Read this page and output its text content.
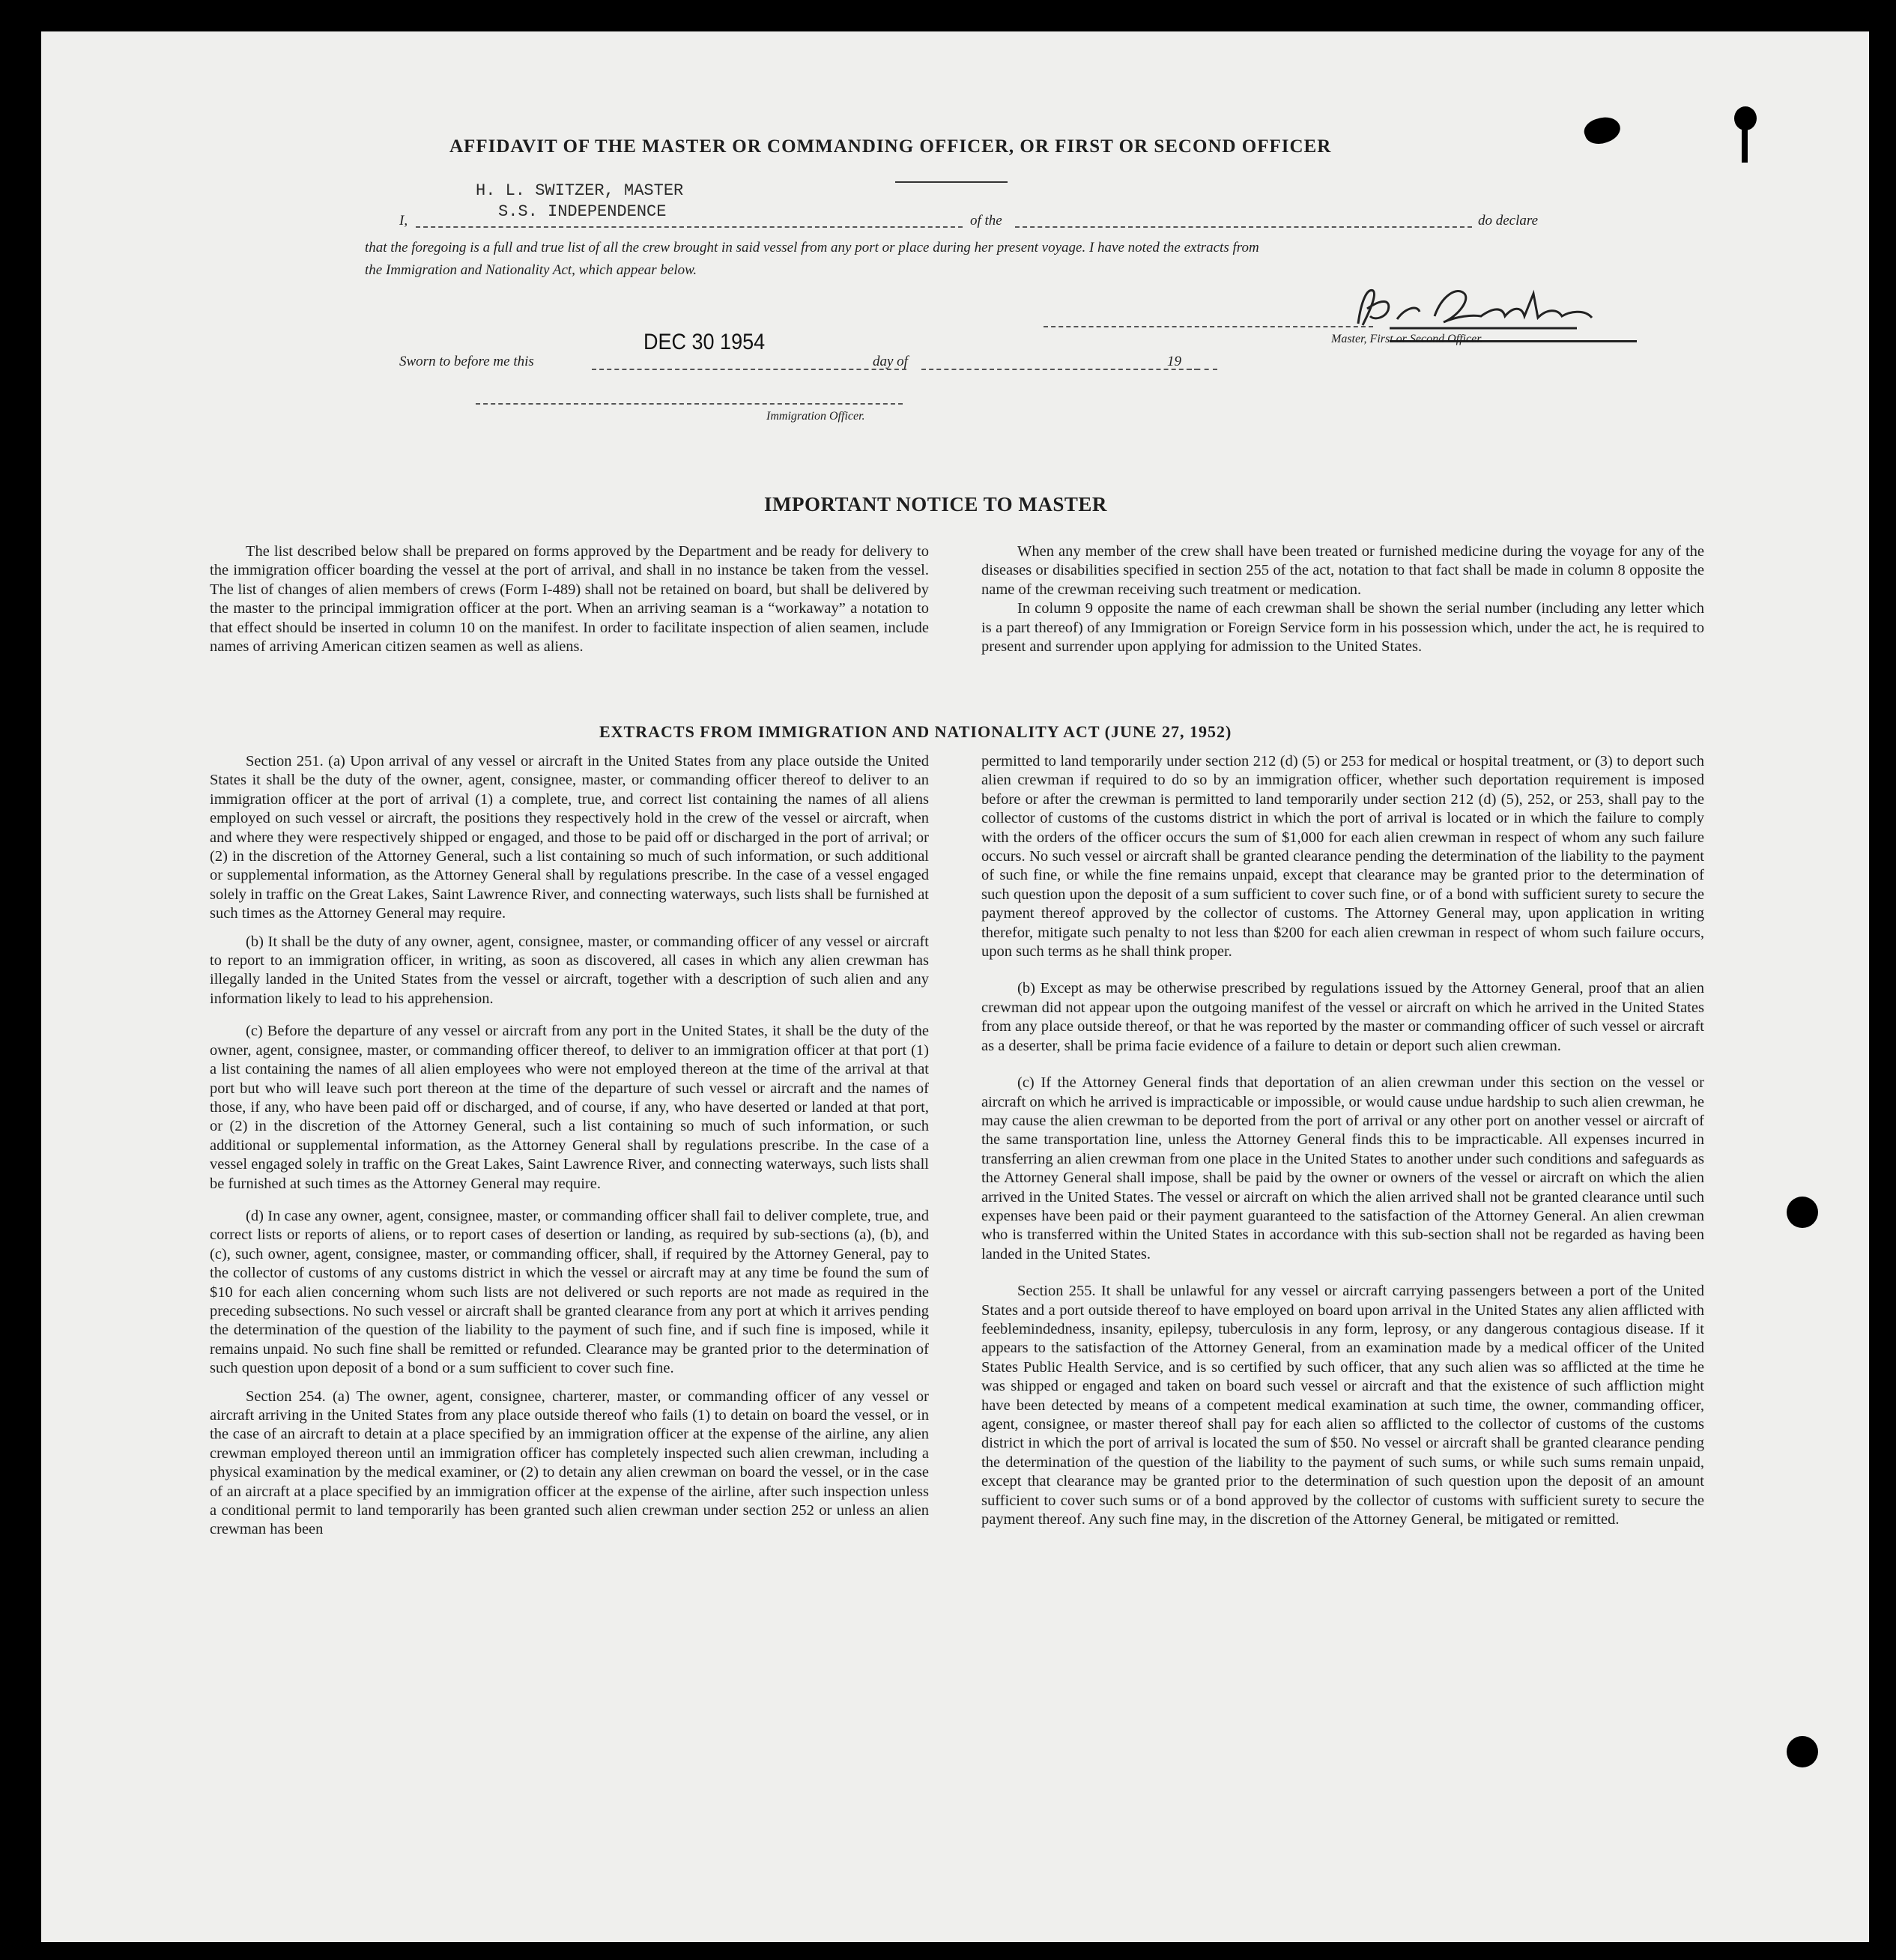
AFFIDAVIT OF THE MASTER OR COMMANDING OFFICER, OR FIRST OR SECOND OFFICER
H. L. SWITZER, MASTER
I,	S.S. INDEPENDENCE	of the	do declare
that the foregoing is a full and true list of all the crew brought in said vessel from any port or place during her present voyage. I have noted the extracts from
the Immigration and Nationality Act, which appear below.
Master, First or Second Officer.
DEC 30 1954
Sworn to before me this	day of	19
Immigration Officer.
IMPORTANT NOTICE TO MASTER

The list described below shall be prepared on forms approved by the Department and be ready for delivery to the immigration officer boarding the vessel at the port of arrival, and shall in no instance be taken from the vessel. The list of changes of alien members of crews (Form I-489) shall not be retained on board, but shall be delivered by the master to the principal immigration officer at the port. When an arriving seaman is a “workaway” a notation to that effect should be inserted in column 10 on the manifest. In order to facilitate inspection of alien seamen, include names of arriving American citizen seamen as well as aliens.

When any member of the crew shall have been treated or furnished medicine during the voyage for any of the diseases or disabilities specified in section 255 of the act, notation to that fact shall be made in column 8 opposite the name of the crewman receiving such treatment or medication.

In column 9 opposite the name of each crewman shall be shown the serial number (including any letter which is a part thereof) of any Immigration or Foreign Service form in his possession which, under the act, he is required to present and surrender upon applying for admission to the United States.

EXTRACTS FROM IMMIGRATION AND NATIONALITY ACT (JUNE 27, 1952)

Section 251. (a) Upon arrival of any vessel or aircraft in the United States from any place outside the United States it shall be the duty of the owner, agent, consignee, master, or commanding officer thereof to deliver to an immigration officer at the port of arrival (1) a complete, true, and correct list containing the names of all aliens employed on such vessel or aircraft, the positions they respectively hold in the crew of the vessel or aircraft, when and where they were respectively shipped or engaged, and those to be paid off or discharged in the port of arrival; or (2) in the discretion of the Attorney General, such a list containing so much of such information, or such additional or supplemental information, as the Attorney General shall by regulations prescribe. In the case of a vessel engaged solely in traffic on the Great Lakes, Saint Lawrence River, and connecting waterways, such lists shall be furnished at such times as the Attorney General may require.

(b) It shall be the duty of any owner, agent, consignee, master, or commanding officer of any vessel or aircraft to report to an immigration officer, in writing, as soon as discovered, all cases in which any alien crewman has illegally landed in the United States from the vessel or aircraft, together with a description of such alien and any information likely to lead to his apprehension.

(c) Before the departure of any vessel or aircraft from any port in the United States, it shall be the duty of the owner, agent, consignee, master, or commanding officer thereof, to deliver to an immigration officer at that port (1) a list containing the names of all alien employees who were not employed thereon at the time of the arrival at that port but who will leave such port thereon at the time of the departure of such vessel or aircraft and the names of those, if any, who have been paid off or discharged, and of course, if any, who have deserted or landed at that port, or (2) in the discretion of the Attorney General, such a list containing so much of such information, or such additional or supplemental information, as the Attorney General shall by regulations prescribe. In the case of a vessel engaged solely in traffic on the Great Lakes, Saint Lawrence River, and connecting waterways, such lists shall be furnished at such times as the Attorney General may require.

(d) In case any owner, agent, consignee, master, or commanding officer shall fail to deliver complete, true, and correct lists or reports of aliens, or to report cases of desertion or landing, as required by sub-sections (a), (b), and (c), such owner, agent, consignee, master, or commanding officer, shall, if required by the Attorney General, pay to the collector of customs of any customs district in which the vessel or aircraft may at any time be found the sum of $10 for each alien concerning whom such lists are not delivered or such reports are not made as required in the preceding subsections. No such vessel or aircraft shall be granted clearance from any port at which it arrives pending the determination of the question of the liability to the payment of such fine, and if such fine is imposed, while it remains unpaid. No such fine shall be remitted or refunded. Clearance may be granted prior to the determination of such question upon deposit of a bond or a sum sufficient to cover such fine.

Section 254. (a) The owner, agent, consignee, charterer, master, or commanding officer of any vessel or aircraft arriving in the United States from any place outside thereof who fails (1) to detain on board the vessel, or in the case of an aircraft to detain at a place specified by an immigration officer at the expense of the airline, any alien crewman employed thereon until an immigration officer has completely inspected such alien crewman, including a physical examination by the medical examiner, or (2) to detain any alien crewman on board the vessel, or in the case of an aircraft at a place specified by an immigration officer at the expense of the airline, after such inspection unless a conditional permit to land temporarily has been granted such alien crewman under section 252 or unless an alien crewman has been

permitted to land temporarily under section 212 (d) (5) or 253 for medical or hospital treatment, or (3) to deport such alien crewman if required to do so by an immigration officer, whether such deportation requirement is imposed before or after the crewman is permitted to land temporarily under section 212 (d) (5), 252, or 253, shall pay to the collector of customs of the customs district in which the port of arrival is located or in which the failure to comply with the orders of the officer occurs the sum of $1,000 for each alien crewman in respect of whom any such failure occurs. No such vessel or aircraft shall be granted clearance pending the determination of the liability to the payment of such fine, or while the fine remains unpaid, except that clearance may be granted prior to the determination of such question upon the deposit of a sum sufficient to cover such fine, or of a bond with sufficient surety to secure the payment thereof approved by the collector of customs. The Attorney General may, upon application in writing therefor, mitigate such penalty to not less than $200 for each alien crewman in respect of whom such failure occurs, upon such terms as he shall think proper.

(b) Except as may be otherwise prescribed by regulations issued by the Attorney General, proof that an alien crewman did not appear upon the outgoing manifest of the vessel or aircraft on which he arrived in the United States from any place outside thereof, or that he was reported by the master or commanding officer of such vessel or aircraft as a deserter, shall be prima facie evidence of a failure to detain or deport such alien crewman.

(c) If the Attorney General finds that deportation of an alien crewman under this section on the vessel or aircraft on which he arrived is impracticable or impossible, or would cause undue hardship to such alien crewman, he may cause the alien crewman to be deported from the port of arrival or any other port on another vessel or aircraft of the same transportation line, unless the Attorney General finds this to be impracticable. All expenses incurred in transferring an alien crewman from one place in the United States to another under such conditions and safeguards as the Attorney General shall impose, shall be paid by the owner or owners of the vessel or aircraft on which the alien arrived in the United States. The vessel or aircraft on which the alien arrived shall not be granted clearance until such expenses have been paid or their payment guaranteed to the satisfaction of the Attorney General. An alien crewman who is transferred within the United States in accordance with this sub-section shall not be regarded as having been landed in the United States.

Section 255. It shall be unlawful for any vessel or aircraft carrying passengers between a port of the United States and a port outside thereof to have employed on board upon arrival in the United States any alien afflicted with feeblemindedness, insanity, epilepsy, tuberculosis in any form, leprosy, or any dangerous contagious disease. If it appears to the satisfaction of the Attorney General, from an examination made by a medical officer of the United States Public Health Service, and is so certified by such officer, that any such alien was so afflicted at the time he was shipped or engaged and taken on board such vessel or aircraft and that the existence of such affliction might have been detected by means of a competent medical examination at such time, the owner, commanding officer, agent, consignee, or master thereof shall pay for each alien so afflicted to the collector of customs of the customs district in which the port of arrival is located the sum of $50. No vessel or aircraft shall be granted clearance pending the determination of the question of the liability to the payment of such sums, or while such sums remain unpaid, except that clearance may be granted prior to the determination of such question upon the deposit of an amount sufficient to cover such sums or of a bond approved by the collector of customs with sufficient surety to secure the payment thereof. Any such fine may, in the discretion of the Attorney General, be mitigated or remitted.
